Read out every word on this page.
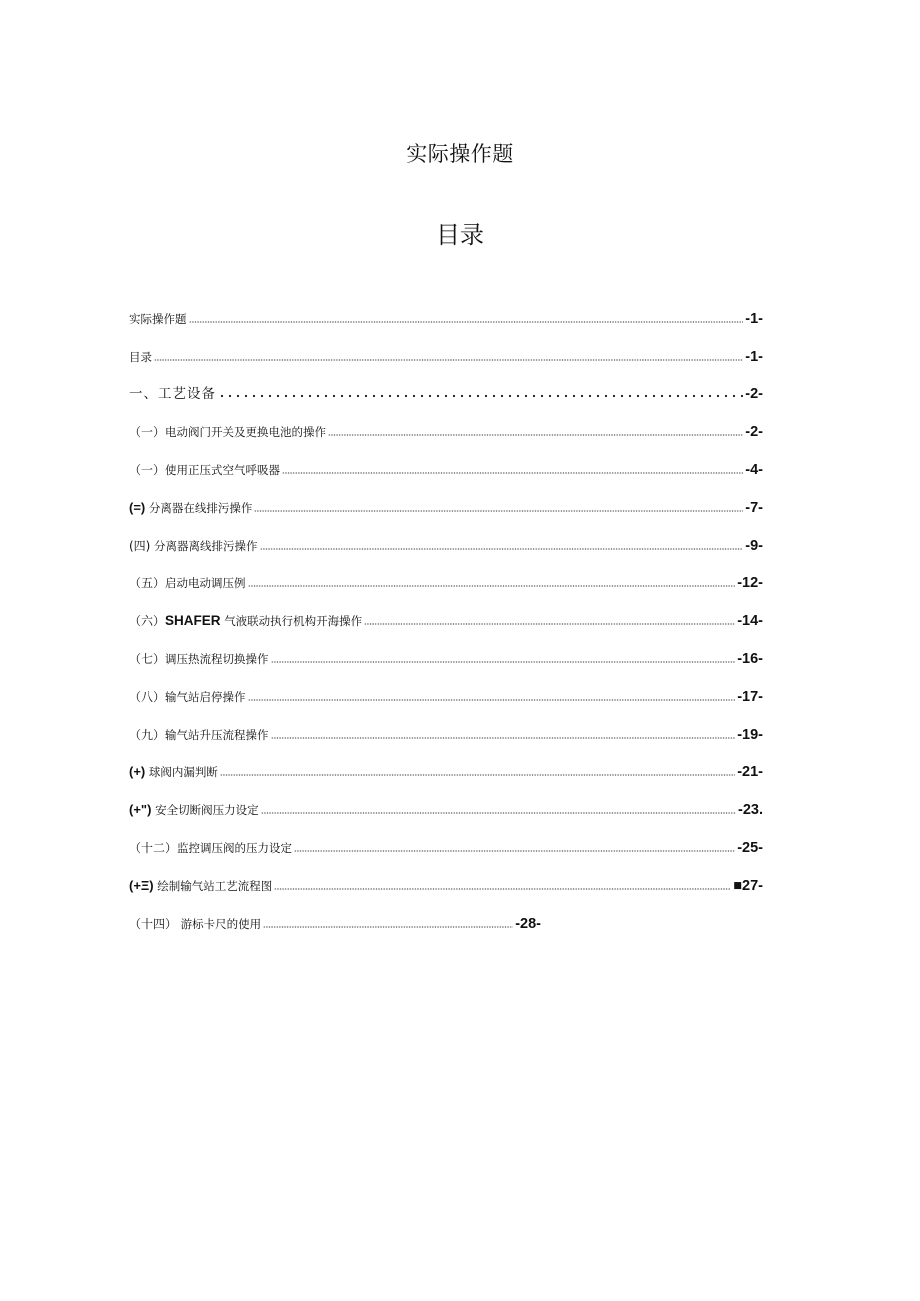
实际操作题
目录
实际操作题	-1-
目录	-1-
一、工艺设备	-2-
（一）电动阀门开关及更换电池的操作	-2-
（一）使用正压式空气呼吸器	-4-
(=) 分离器在线排污操作	-7-
(四) 分离器离线排污操作	-9-
（五）启动电动调压例	-12-
（六）SHAFER 气液联动执行机构开海操作	-14-
（七）调压热流程切换操作	-16-
（八）输气站启停操作	-17-
（九）输气站升压流程操作	-19-
(+) 球阀内漏判断	-21-
(+") 安全切断阀压力设定	-23.
（十二）监控调压阀的压力设定	-25-
(+Ξ) 绘制输气站工艺流程图	■27-
（十四） 游标卡尺的使用	-28-
